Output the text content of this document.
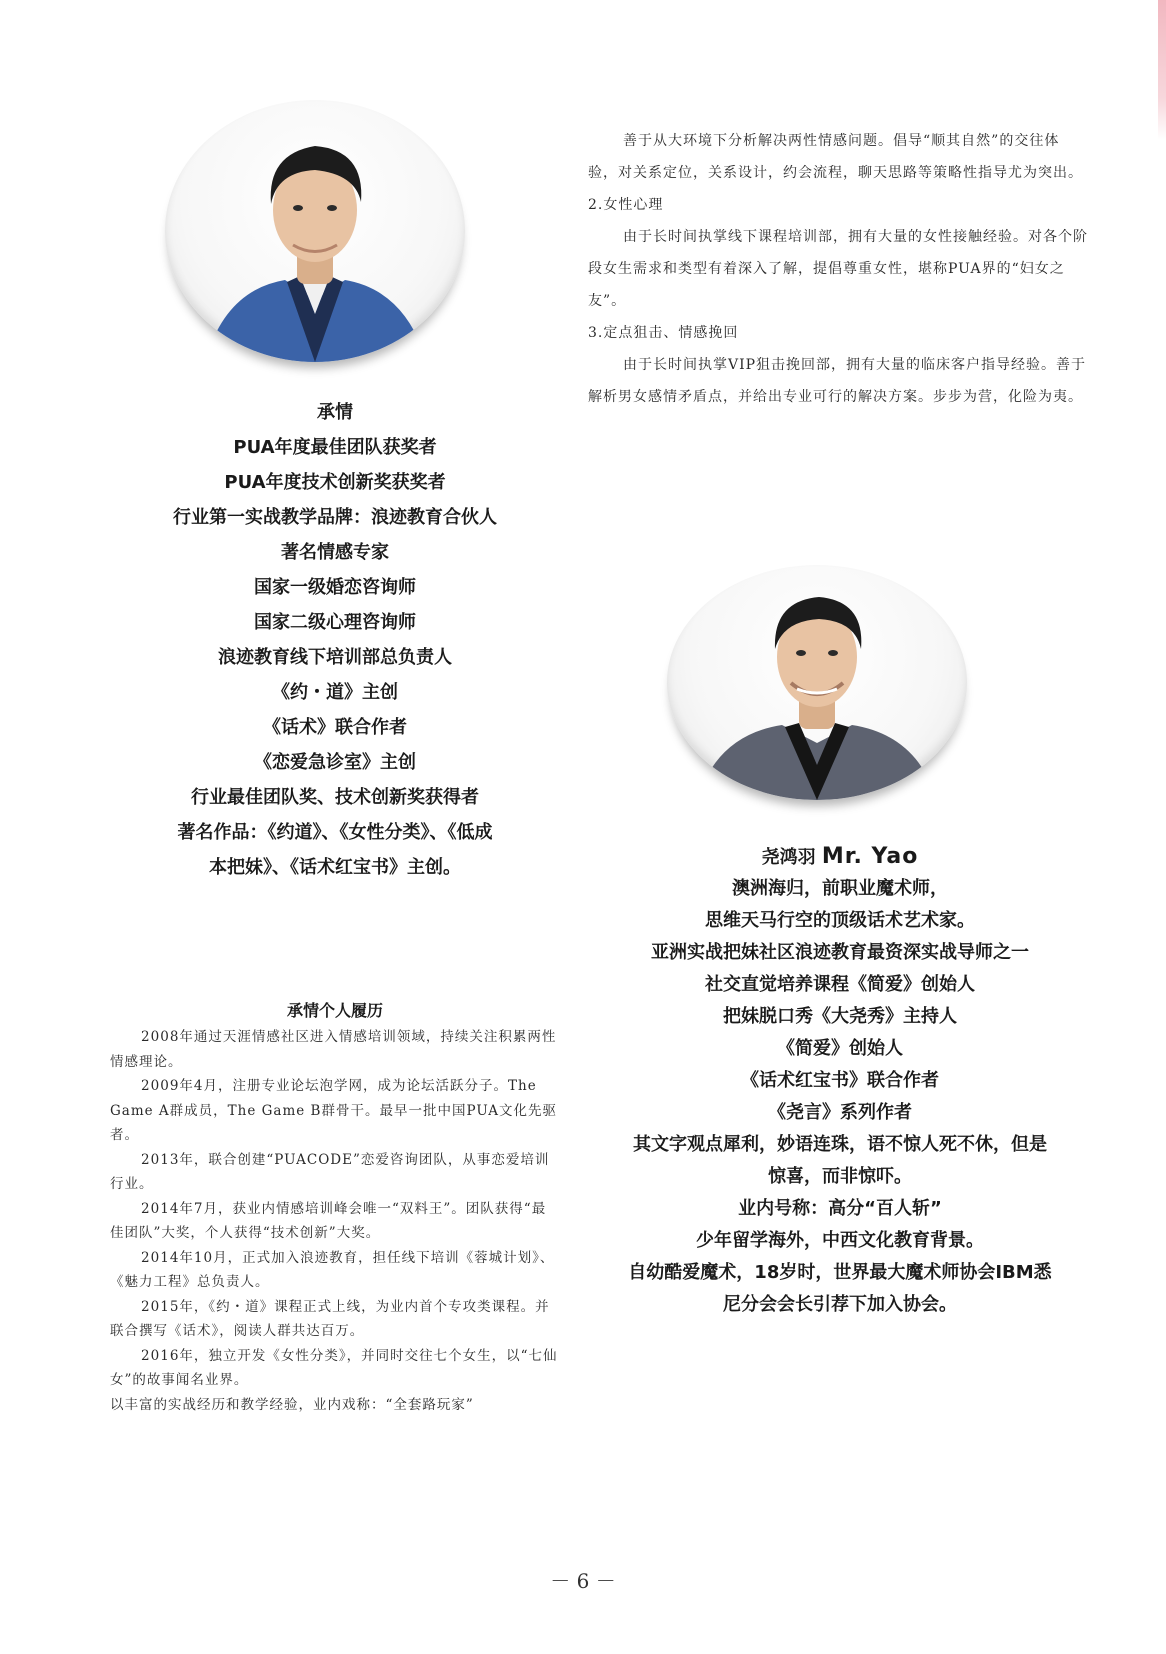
承情
PUA年度最佳团队获奖者
PUA年度技术创新奖获奖者
行业第一实战教学品牌：浪迹教育合伙人
著名情感专家
国家一级婚恋咨询师
国家二级心理咨询师
浪迹教育线下培训部总负责人
《约・道》主创
《话术》联合作者
《恋爱急诊室》主创
行业最佳团队奖、技术创新奖获得者
著名作品：《约道》、《女性分类》、《低成
本把妹》、《话术红宝书》主创。
承情个人履历

2008年通过天涯情感社区进入情感培训领域，持续关注积累两性情感理论。

2009年4月，注册专业论坛泡学网，成为论坛活跃分子。The Game A群成员，The Game B群骨干。最早一批中国PUA文化先驱者。

2013年，联合创建“PUACODE”恋爱咨询团队，从事恋爱培训行业。

2014年7月，获业内情感培训峰会唯一“双料王”。团队获得“最佳团队”大奖，个人获得“技术创新”大奖。

2014年10月，正式加入浪迹教育，担任线下培训《蓉城计划》、《魅力工程》总负责人。

2015年，《约・道》课程正式上线，为业内首个专攻类课程。并联合撰写《话术》，阅读人群共达百万。

2016年，独立开发《女性分类》，并同时交往七个女生，以“七仙女”的故事闻名业界。

以丰富的实战经历和教学经验，业内戏称：“全套路玩家”

善于从大环境下分析解决两性情感问题。倡导“顺其自然”的交往体验，对关系定位，关系设计，约会流程，聊天思路等策略性指导尤为突出。

2.女性心理

由于长时间执掌线下课程培训部，拥有大量的女性接触经验。对各个阶段女生需求和类型有着深入了解，提倡尊重女性，堪称PUA界的“妇女之友”。

3.定点狙击、情感挽回

由于长时间执掌VIP狙击挽回部，拥有大量的临床客户指导经验。善于解析男女感情矛盾点，并给出专业可行的解决方案。步步为营，化险为夷。

尧鸿羽 Mr. Yao
澳洲海归，前职业魔术师，
思维天马行空的顶级话术艺术家。
亚洲实战把妹社区浪迹教育最资深实战导师之一
社交直觉培养课程《简爱》创始人
把妹脱口秀《大尧秀》主持人
《简爱》创始人
《话术红宝书》联合作者
《尧言》系列作者
其文字观点犀利，妙语连珠，语不惊人死不休，但是
惊喜，而非惊吓。
业内号称：高分“百人斩”
少年留学海外，中西文化教育背景。
自幼酷爱魔术，18岁时，世界最大魔术师协会IBM悉
尼分会会长引荐下加入协会。
－ 6 －
